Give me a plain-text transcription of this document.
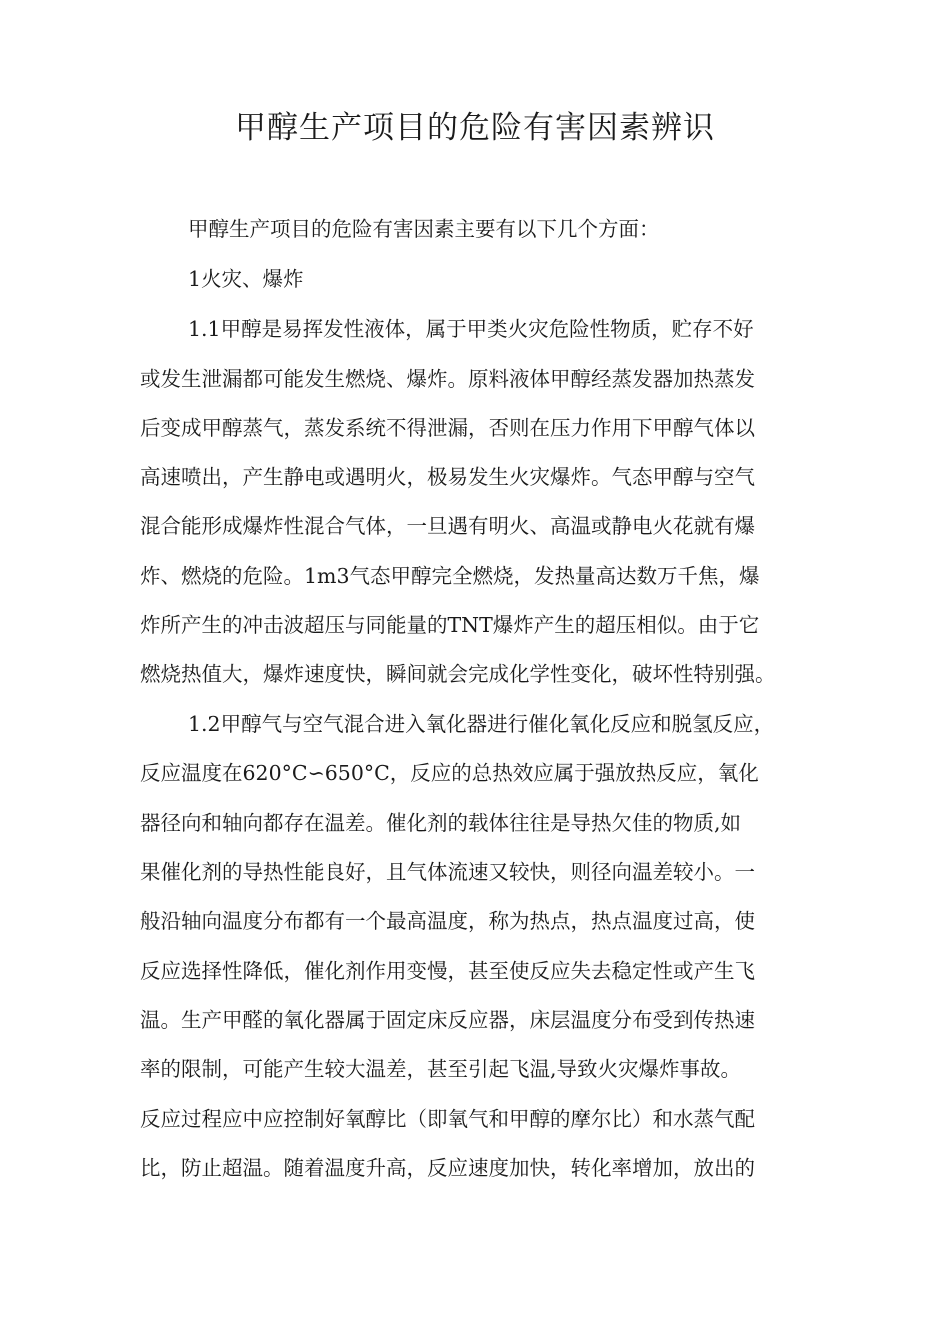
甲醇生产项目的危险有害因素辨识
甲醇生产项目的危险有害因素主要有以下几个方面：
1火灾、爆炸
1.1甲醇是易挥发性液体，属于甲类火灾危险性物质，贮存不好
或发生泄漏都可能发生燃烧、爆炸。原料液体甲醇经蒸发器加热蒸发
后变成甲醇蒸气，蒸发系统不得泄漏，否则在压力作用下甲醇气体以
高速喷出，产生静电或遇明火，极易发生火灾爆炸。气态甲醇与空气
混合能形成爆炸性混合气体，一旦遇有明火、高温或静电火花就有爆
炸、燃烧的危险。1m3气态甲醇完全燃烧，发热量高达数万千焦，爆
炸所产生的冲击波超压与同能量的TNT爆炸产生的超压相似。由于它
燃烧热值大，爆炸速度快，瞬间就会完成化学性变化，破坏性特别强。
1.2甲醇气与空气混合进入氧化器进行催化氧化反应和脱氢反应，
反应温度在620°C∽650°C，反应的总热效应属于强放热反应，氧化
器径向和轴向都存在温差。催化剂的载体往往是导热欠佳的物质,如
果催化剂的导热性能良好，且气体流速又较快，则径向温差较小。一
般沿轴向温度分布都有一个最高温度，称为热点，热点温度过高，使
反应选择性降低，催化剂作用变慢，甚至使反应失去稳定性或产生飞
温。生产甲醛的氧化器属于固定床反应器，床层温度分布受到传热速
率的限制，可能产生较大温差，甚至引起飞温,导致火灾爆炸事故。
反应过程应中应控制好氧醇比（即氧气和甲醇的摩尔比）和水蒸气配
比，防止超温。随着温度升高，反应速度加快，转化率增加，放出的
